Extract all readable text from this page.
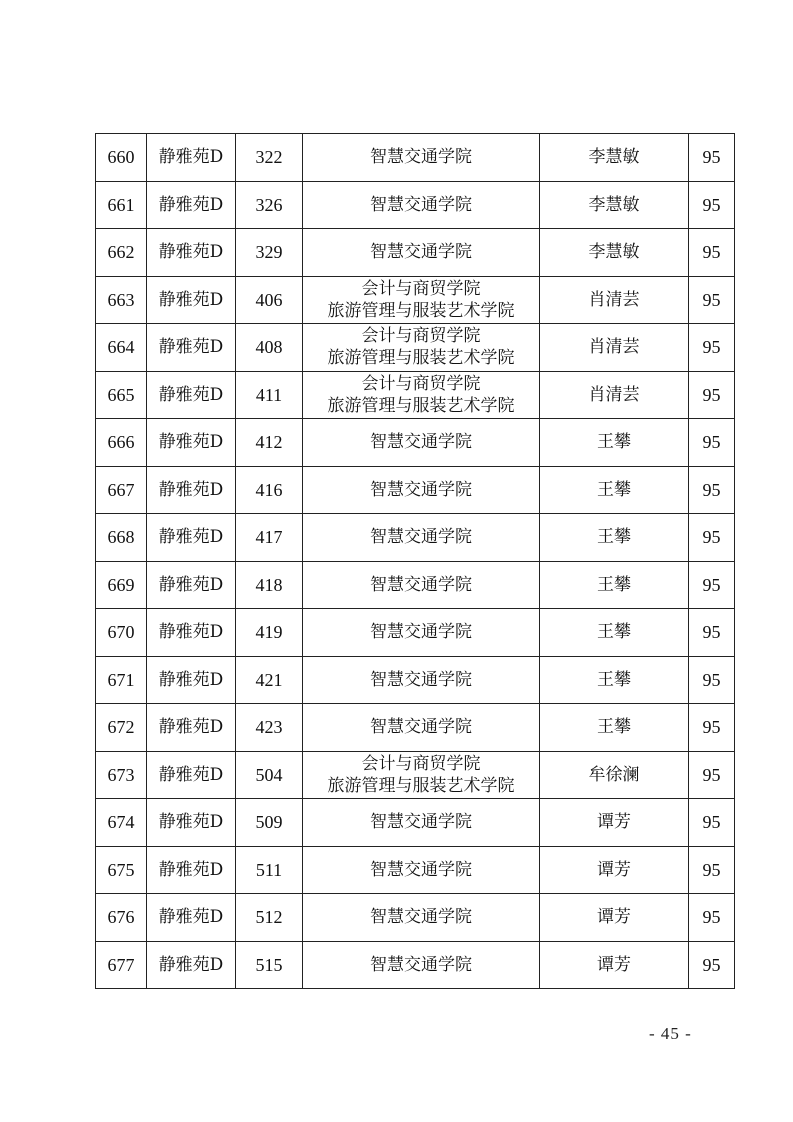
660	静雅苑D	322	智慧交通学院	李慧敏	95
661	静雅苑D	326	智慧交通学院	李慧敏	95
662	静雅苑D	329	智慧交通学院	李慧敏	95
663	静雅苑D	406	会计与商贸学院
旅游管理与服装艺术学院	肖清芸	95
664	静雅苑D	408	会计与商贸学院
旅游管理与服装艺术学院	肖清芸	95
665	静雅苑D	411	会计与商贸学院
旅游管理与服装艺术学院	肖清芸	95
666	静雅苑D	412	智慧交通学院	王攀	95
667	静雅苑D	416	智慧交通学院	王攀	95
668	静雅苑D	417	智慧交通学院	王攀	95
669	静雅苑D	418	智慧交通学院	王攀	95
670	静雅苑D	419	智慧交通学院	王攀	95
671	静雅苑D	421	智慧交通学院	王攀	95
672	静雅苑D	423	智慧交通学院	王攀	95
673	静雅苑D	504	会计与商贸学院
旅游管理与服装艺术学院	牟徐澜	95
674	静雅苑D	509	智慧交通学院	谭芳	95
675	静雅苑D	511	智慧交通学院	谭芳	95
676	静雅苑D	512	智慧交通学院	谭芳	95
677	静雅苑D	515	智慧交通学院	谭芳	95
- 45 -
